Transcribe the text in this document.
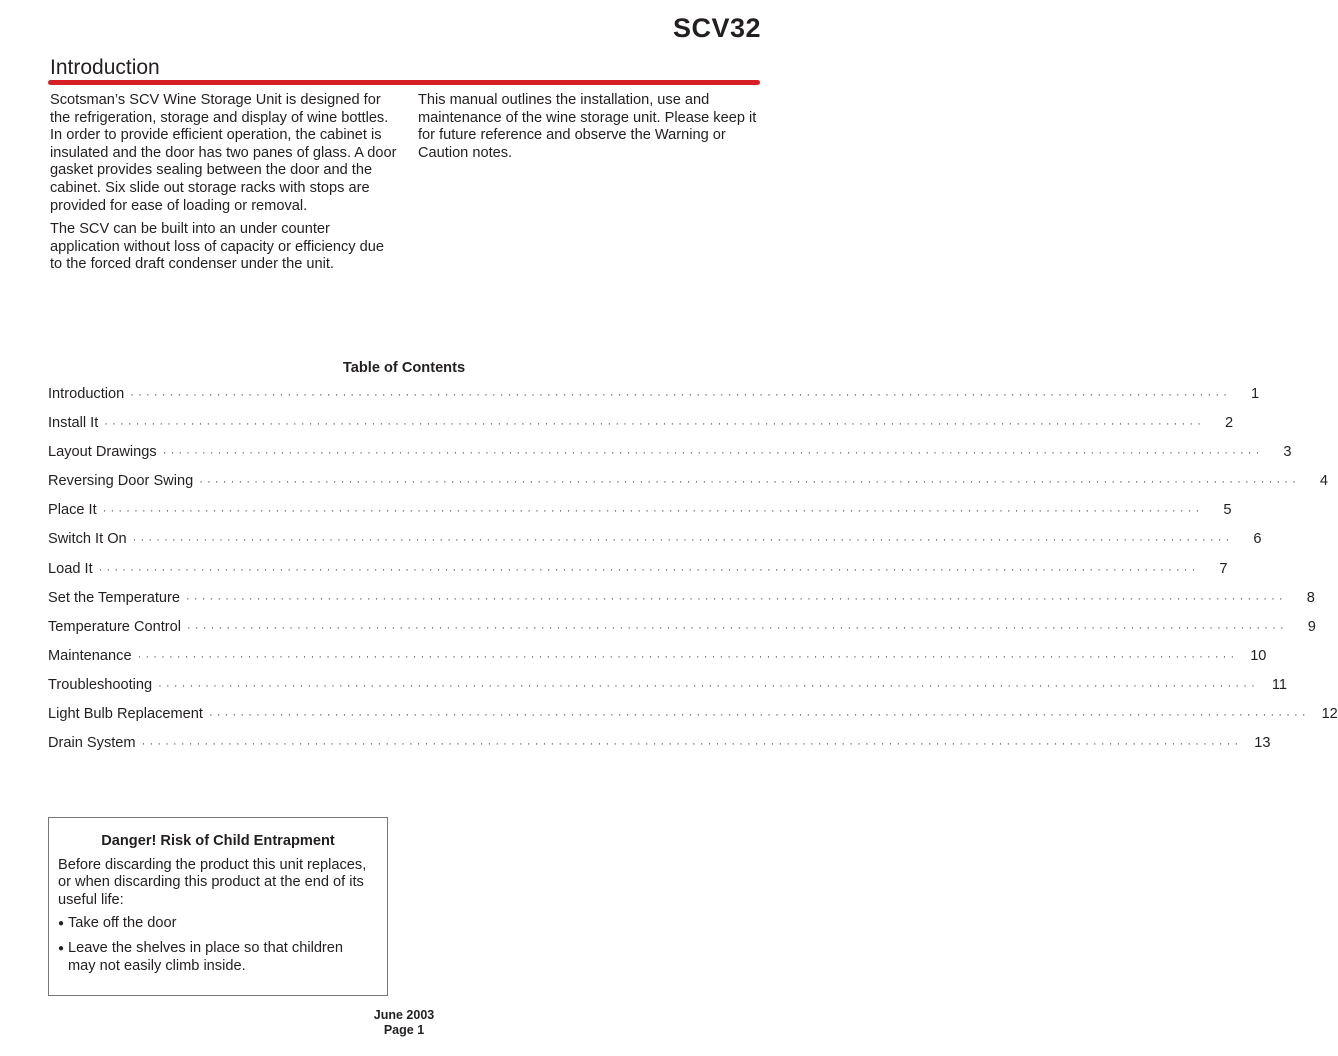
SCV32
Introduction

Scotsman’s SCV Wine Storage Unit is designed for the refrigeration, storage and display of wine bottles. In order to provide efficient operation, the cabinet is insulated and the door has two panes of glass. A door gasket provides sealing between the door and the cabinet. Six slide out storage racks with stops are provided for ease of loading or removal.

The SCV can be built into an under counter application without loss of capacity or efficiency due to the forced draft condenser under the unit.

This manual outlines the installation, use and maintenance of the wine storage unit. Please keep it for future reference and observe the Warning or Caution notes.

Table of Contents
Introduction ············································································································································	1
Install It ············································································································································	2
Layout Drawings ············································································································································	3
Reversing Door Swing ············································································································································	4
Place It ············································································································································	5
Switch It On ············································································································································	6
Load It ············································································································································	7
Set the Temperature ············································································································································	8
Temperature Control ············································································································································	9
Maintenance ············································································································································ 10
Troubleshooting ············································································································································ 11
Light Bulb Replacement ············································································································································ 12
Drain System ············································································································································ 13
Danger! Risk of Child Entrapment
Before discarding the product this unit replaces, or when discarding this product at the end of its useful life:
● Take off the door
● Leave the shelves in place so that children may not easily climb inside.
June 2003
Page 1
